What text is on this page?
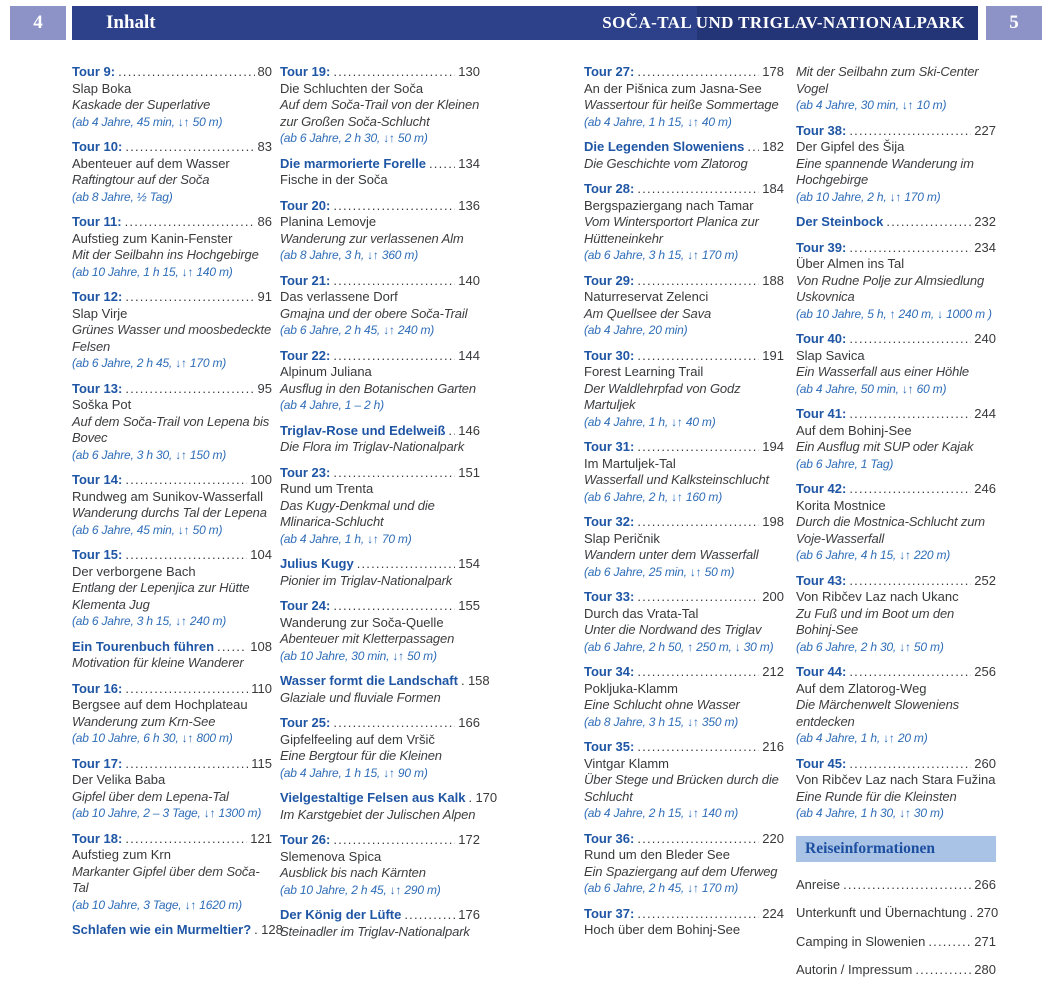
4	Inhalt	SOČA-TAL UND TRIGLAV-NATIONALPARK	5
Tour 9: .....	80
Slap Boka
Kaskade der Superlative
(ab 4 Jahre, 45 min, ↓↑ 50 m)
Tour 10: .....	83
Abenteuer auf dem Wasser
Raftingtour auf der Soča
(ab 8 Jahre, ½ Tag)
Tour 11: .....	86
Aufstieg zum Kanin-Fenster
Mit der Seilbahn ins Hochgebirge
(ab 10 Jahre, 1 h 15, ↓↑ 140 m)
Tour 12: .....	91
Slap Virje
Grünes Wasser und moosbedeckte Felsen
(ab 6 Jahre, 2 h 45, ↓↑ 170 m)
Tour 13: .....	95
Soška Pot
Auf dem Soča-Trail von Lepena bis Bovec
(ab 6 Jahre, 3 h 30, ↓↑ 150 m)
Tour 14: .....	100
Rundweg am Sunikov-Wasserfall
Wanderung durchs Tal der Lepena
(ab 6 Jahre, 45 min, ↓↑ 50 m)
Tour 15: .....	104
Der verborgene Bach
Entlang der Lepenjica zur Hütte Klementa Jug
(ab 6 Jahre, 3 h 15, ↓↑ 240 m)
Ein Tourenbuch führen .....	108
Motivation für kleine Wanderer
Tour 16: .....	110
Bergsee auf dem Hochplateau
Wanderung zum Krn-See
(ab 10 Jahre, 6 h 30, ↓↑ 800 m)
Tour 17: .....	115
Der Velika Baba
Gipfel über dem Lepena-Tal
(ab 10 Jahre, 2 – 3 Tage, ↓↑ 1300 m)
Tour 18: .....	121
Aufstieg zum Krn
Markanter Gipfel über dem Soča-Tal
(ab 10 Jahre, 3 Tage, ↓↑ 1620 m)
Schlafen wie ein Murmeltier? ..... 128
Tour 19: .....	130
Die Schluchten der Soča
Auf dem Soča-Trail von der Kleinen zur Großen Soča-Schlucht
(ab 6 Jahre, 2 h 30, ↓↑ 50 m)
Die marmorierte Forelle ..... 134
Fische in der Soča
Tour 20: .....	136
Planina Lemovje
Wanderung zur verlassenen Alm
(ab 8 Jahre, 3 h, ↓↑ 360 m)
Tour 21: .....	140
Das verlassene Dorf
Gmajna und der obere Soča-Trail
(ab 6 Jahre, 2 h 45, ↓↑ 240 m)
Tour 22: .....	144
Alpinum Juliana
Ausflug in den Botanischen Garten
(ab 4 Jahre, 1 – 2 h)
Triglav-Rose und Edelweiß ..... 146
Die Flora im Triglav-Nationalpark
Tour 23: .....	151
Rund um Trenta
Das Kugy-Denkmal und die Mlinarica-Schlucht
(ab 4 Jahre, 1 h, ↓↑ 70 m)
Julius Kugy .....	154
Pionier im Triglav-Nationalpark
Tour 24: .....	155
Wanderung zur Soča-Quelle
Abenteuer mit Kletterpassagen
(ab 10 Jahre, 30 min, ↓↑ 50 m)
Wasser formt die Landschaft ..... 158
Glaziale und fluviale Formen
Tour 25: .....	166
Gipfelfeeling auf dem Vršič
Eine Bergtour für die Kleinen
(ab 4 Jahre, 1 h 15, ↓↑ 90 m)
Vielgestaltige Felsen aus Kalk ..... 170
Im Karstgebiet der Julischen Alpen
Tour 26: .....	172
Slemenova Spica
Ausblick bis nach Kärnten
(ab 10 Jahre, 2 h 45, ↓↑ 290 m)
Der König der Lüfte .....	176
Steinadler im Triglav-Nationalpark
Tour 27: .....	178
An der Pišnica zum Jasna-See
Wassertour für heiße Sommertage
(ab 4 Jahre, 1 h 15, ↓↑ 40 m)
Die Legenden Sloweniens ..... 182
Die Geschichte vom Zlatorog
Tour 28: .....	184
Bergspaziergang nach Tamar
Vom Wintersportort Planica zur Hütteneinkehr
(ab 6 Jahre, 3 h 15, ↓↑ 170 m)
Tour 29: .....	188
Naturreservat Zelenci
Am Quellsee der Sava
(ab 4 Jahre, 20 min)
Tour 30: .....	191
Forest Learning Trail
Der Waldlehrpfad von Godz Martuljek
(ab 4 Jahre, 1 h, ↓↑ 40 m)
Tour 31: .....	194
Im Martuljek-Tal
Wasserfall und Kalksteinschlucht
(ab 6 Jahre, 2 h, ↓↑ 160 m)
Tour 32: .....	198
Slap Peričnik
Wandern unter dem Wasserfall
(ab 6 Jahre, 25 min, ↓↑ 50 m)
Tour 33: .....	200
Durch das Vrata-Tal
Unter die Nordwand des Triglav
(ab 6 Jahre, 2 h 50, ↑ 250 m, ↓ 30 m)
Tour 34: .....	212
Pokljuka-Klamm
Eine Schlucht ohne Wasser
(ab 8 Jahre, 3 h 15, ↓↑ 350 m)
Tour 35: .....	216
Vintgar Klamm
Über Stege und Brücken durch die Schlucht
(ab 4 Jahre, 2 h 15, ↓↑ 140 m)
Tour 36: .....	220
Rund um den Bleder See
Ein Spaziergang auf dem Uferweg
(ab 6 Jahre, 2 h 45, ↓↑ 170 m)
Tour 37: .....	224
Hoch über dem Bohinj-See
Mit der Seilbahn zum Ski-Center Vogel
(ab 4 Jahre, 30 min, ↓↑ 10 m)
Tour 38: .....	227
Der Gipfel des Šija
Eine spannende Wanderung im Hochgebirge
(ab 10 Jahre, 2 h, ↓↑ 170 m)
Der Steinbock .....	232
Tour 39: .....	234
Über Almen ins Tal
Von Rudne Polje zur Almsiedlung Uskovnica
(ab 10 Jahre, 5 h, ↑ 240 m, ↓ 1000 m )
Tour 40: .....	240
Slap Savica
Ein Wasserfall aus einer Höhle
(ab 4 Jahre, 50 min, ↓↑ 60 m)
Tour 41: .....	244
Auf dem Bohinj-See
Ein Ausflug mit SUP oder Kajak
(ab 6 Jahre, 1 Tag)
Tour 42: .....	246
Korita Mostnice
Durch die Mostnica-Schlucht zum Voje-Wasserfall
(ab 6 Jahre, 4 h 15, ↓↑ 220 m)
Tour 43: .....	252
Von Ribčev Laz nach Ukanc
Zu Fuß und im Boot um den Bohinj-See
(ab 6 Jahre, 2 h 30, ↓↑ 50 m)
Tour 44: .....	256
Auf dem Zlatorog-Weg
Die Märchenwelt Sloweniens entdecken
(ab 4 Jahre, 1 h, ↓↑ 20 m)
Tour 45: .....	260
Von Ribčev Laz nach Stara Fužina
Eine Runde für die Kleinsten
(ab 4 Jahre, 1 h 30, ↓↑ 30 m)
Reiseinformationen
Anreise .....	266
Unterkunft und Übernachtung ..... 270
Camping in Slowenien .....	271
Autorin / Impressum .....	280
